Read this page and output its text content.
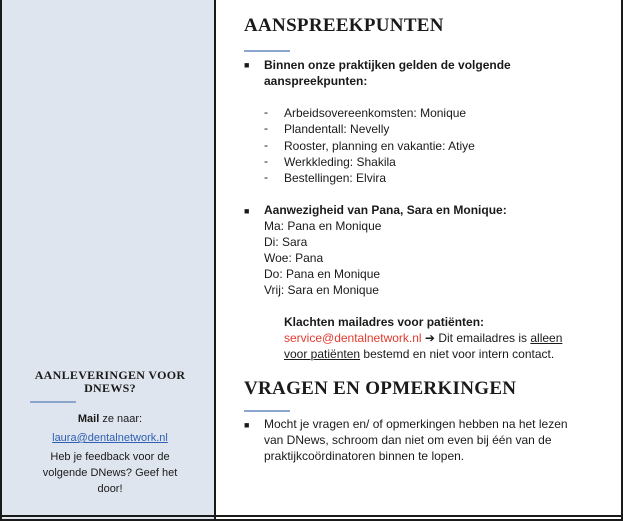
AANLEVERINGEN VOOR
DNEWS?
Mail ze naar:
laura@dentalnetwork.nl
Heb je feedback voor de
volgende DNews? Geef het
door!
AANSPREEKPUNTEN
■ Binnen onze praktijken gelden de volgende
aanspreekpunten:
- Arbeidsovereenkomsten: Monique
- Plandentall: Nevelly
- Rooster, planning en vakantie: Atiye
- Werkkleding: Shakila
- Bestellingen: Elvira
■ Aanwezigheid van Pana, Sara en Monique:
Ma: Pana en Monique
Di: Sara
Woe: Pana
Do: Pana en Monique
Vrij: Sara en Monique
Klachten mailadres voor patiënten:
service@dentalnetwork.nl ➔ Dit emailadres is alleen
voor patiënten bestemd en niet voor intern contact.
VRAGEN EN OPMERKINGEN
■ Mocht je vragen en/ of opmerkingen hebben na het lezen
van DNews, schroom dan niet om even bij één van de
praktijkcoördinatoren binnen te lopen.
